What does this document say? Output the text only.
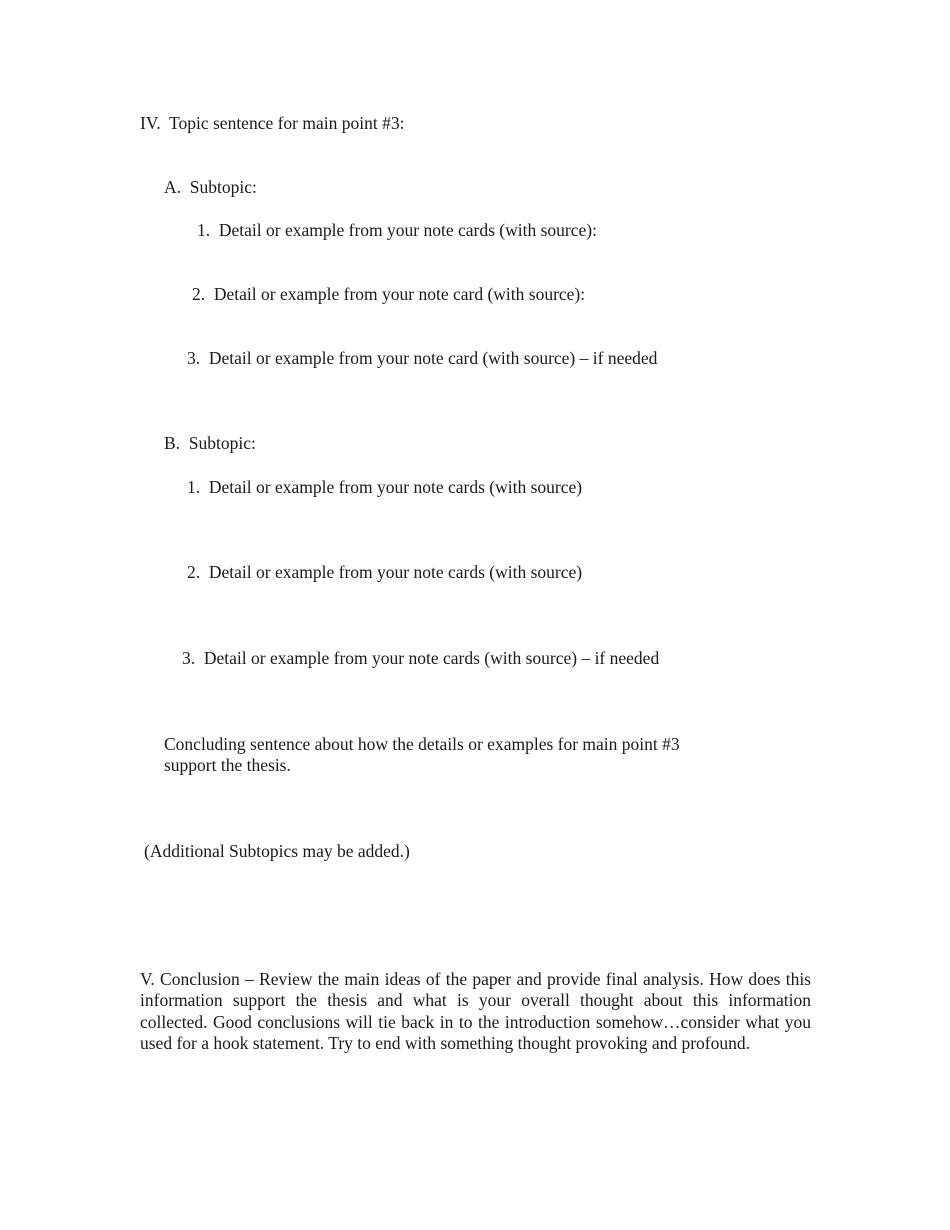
IV.  Topic sentence for main point #3:
A.  Subtopic:
1.  Detail or example from your note cards (with source):
2.  Detail or example from your note card (with source):
3.  Detail or example from your note card (with source) – if needed
B.  Subtopic:
1.  Detail or example from your note cards (with source)
2.  Detail or example from your note cards (with source)
3.  Detail or example from your note cards (with source) – if needed
Concluding sentence about how the details or examples for main point #3
support the thesis.
(Additional Subtopics may be added.)
V. Conclusion – Review the main ideas of the paper and provide final analysis. How does this information support the thesis and what is your overall thought about this information collected. Good conclusions will tie back in to the introduction somehow…consider what you used for a hook statement. Try to end with something thought provoking and profound.
